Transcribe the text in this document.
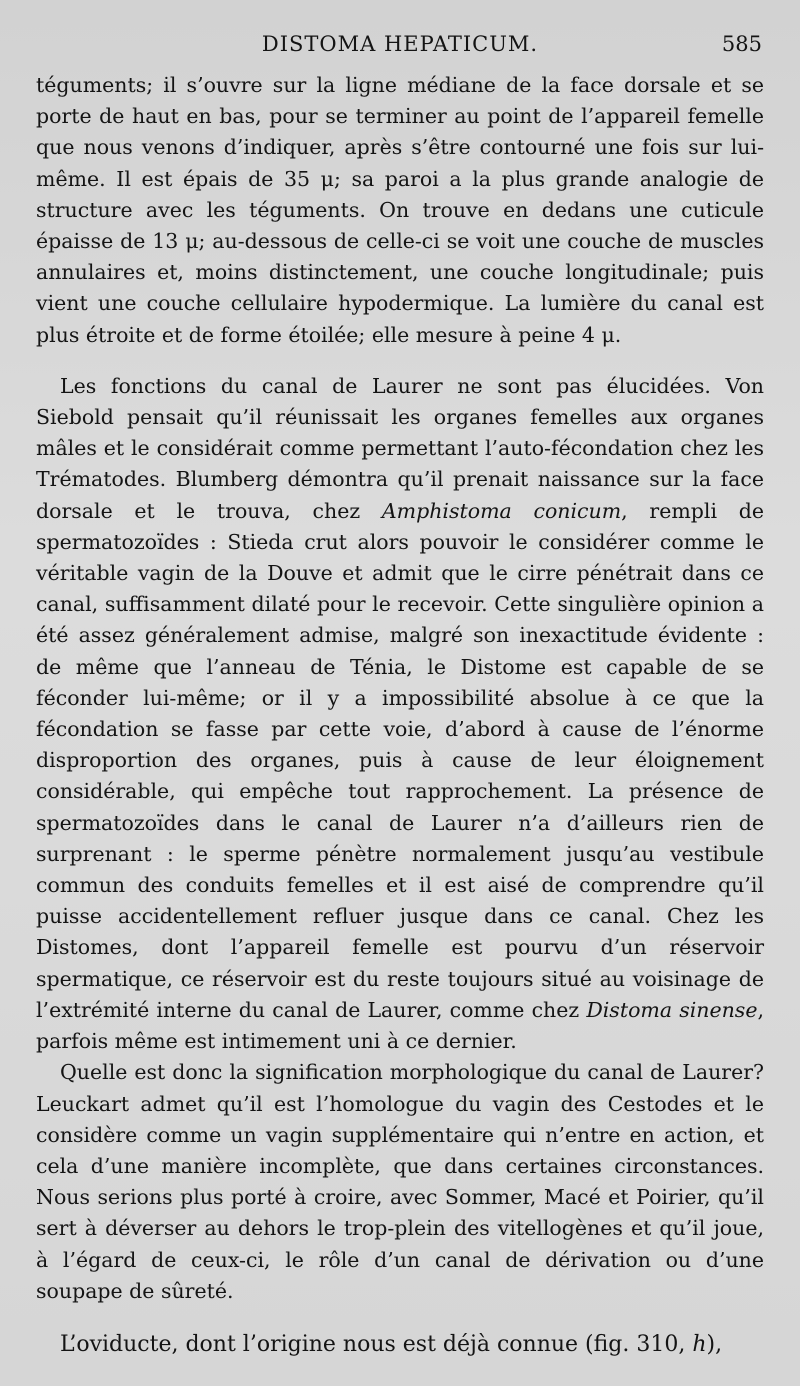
DISTOMA HEPATICUM.	585

téguments; il s’ouvre sur la ligne médiane de la face dorsale et se porte de haut en bas, pour se terminer au point de l’appareil femelle que nous venons d’indiquer, après s’être contourné une fois sur lui-même. Il est épais de 35 μ; sa paroi a la plus grande analogie de structure avec les téguments. On trouve en dedans une cuticule épaisse de 13 μ; au-dessous de celle-ci se voit une couche de muscles annulaires et, moins distinctement, une couche longitudinale; puis vient une couche cellulaire hypodermique. La lumière du canal est plus étroite et de forme étoilée; elle mesure à peine 4 μ.

Les fonctions du canal de Laurer ne sont pas élucidées. Von Siebold pensait qu’il réunissait les organes femelles aux organes mâles et le considérait comme permettant l’auto-fécondation chez les Trématodes. Blumberg démontra qu’il prenait naissance sur la face dorsale et le trouva, chez Amphistoma conicum, rempli de spermatozoïdes : Stieda crut alors pouvoir le considérer comme le véritable vagin de la Douve et admit que le cirre pénétrait dans ce canal, suffisamment dilaté pour le recevoir. Cette singulière opinion a été assez généralement admise, malgré son inexactitude évidente : de même que l’anneau de Ténia, le Distome est capable de se féconder lui-même; or il y a impossibilité absolue à ce que la fécondation se fasse par cette voie, d’abord à cause de l’énorme disproportion des organes, puis à cause de leur éloignement considérable, qui empêche tout rapprochement. La présence de spermatozoïdes dans le canal de Laurer n’a d’ailleurs rien de surprenant : le sperme pénètre normalement jusqu’au vestibule commun des conduits femelles et il est aisé de comprendre qu’il puisse accidentellement refluer jusque dans ce canal. Chez les Distomes, dont l’appareil femelle est pourvu d’un réservoir spermatique, ce réservoir est du reste toujours situé au voisinage de l’extrémité interne du canal de Laurer, comme chez Distoma sinense, parfois même est intimement uni à ce dernier.

Quelle est donc la signification morphologique du canal de Laurer? Leuckart admet qu’il est l’homologue du vagin des Cestodes et le considère comme un vagin supplémentaire qui n’entre en action, et cela d’une manière incomplète, que dans certaines circonstances. Nous serions plus porté à croire, avec Sommer, Macé et Poirier, qu’il sert à déverser au dehors le trop-plein des vitellogènes et qu’il joue, à l’égard de ceux-ci, le rôle d’un canal de dérivation ou d’une soupape de sûreté.

L’oviducte, dont l’origine nous est déjà connue (fig. 310, h),
